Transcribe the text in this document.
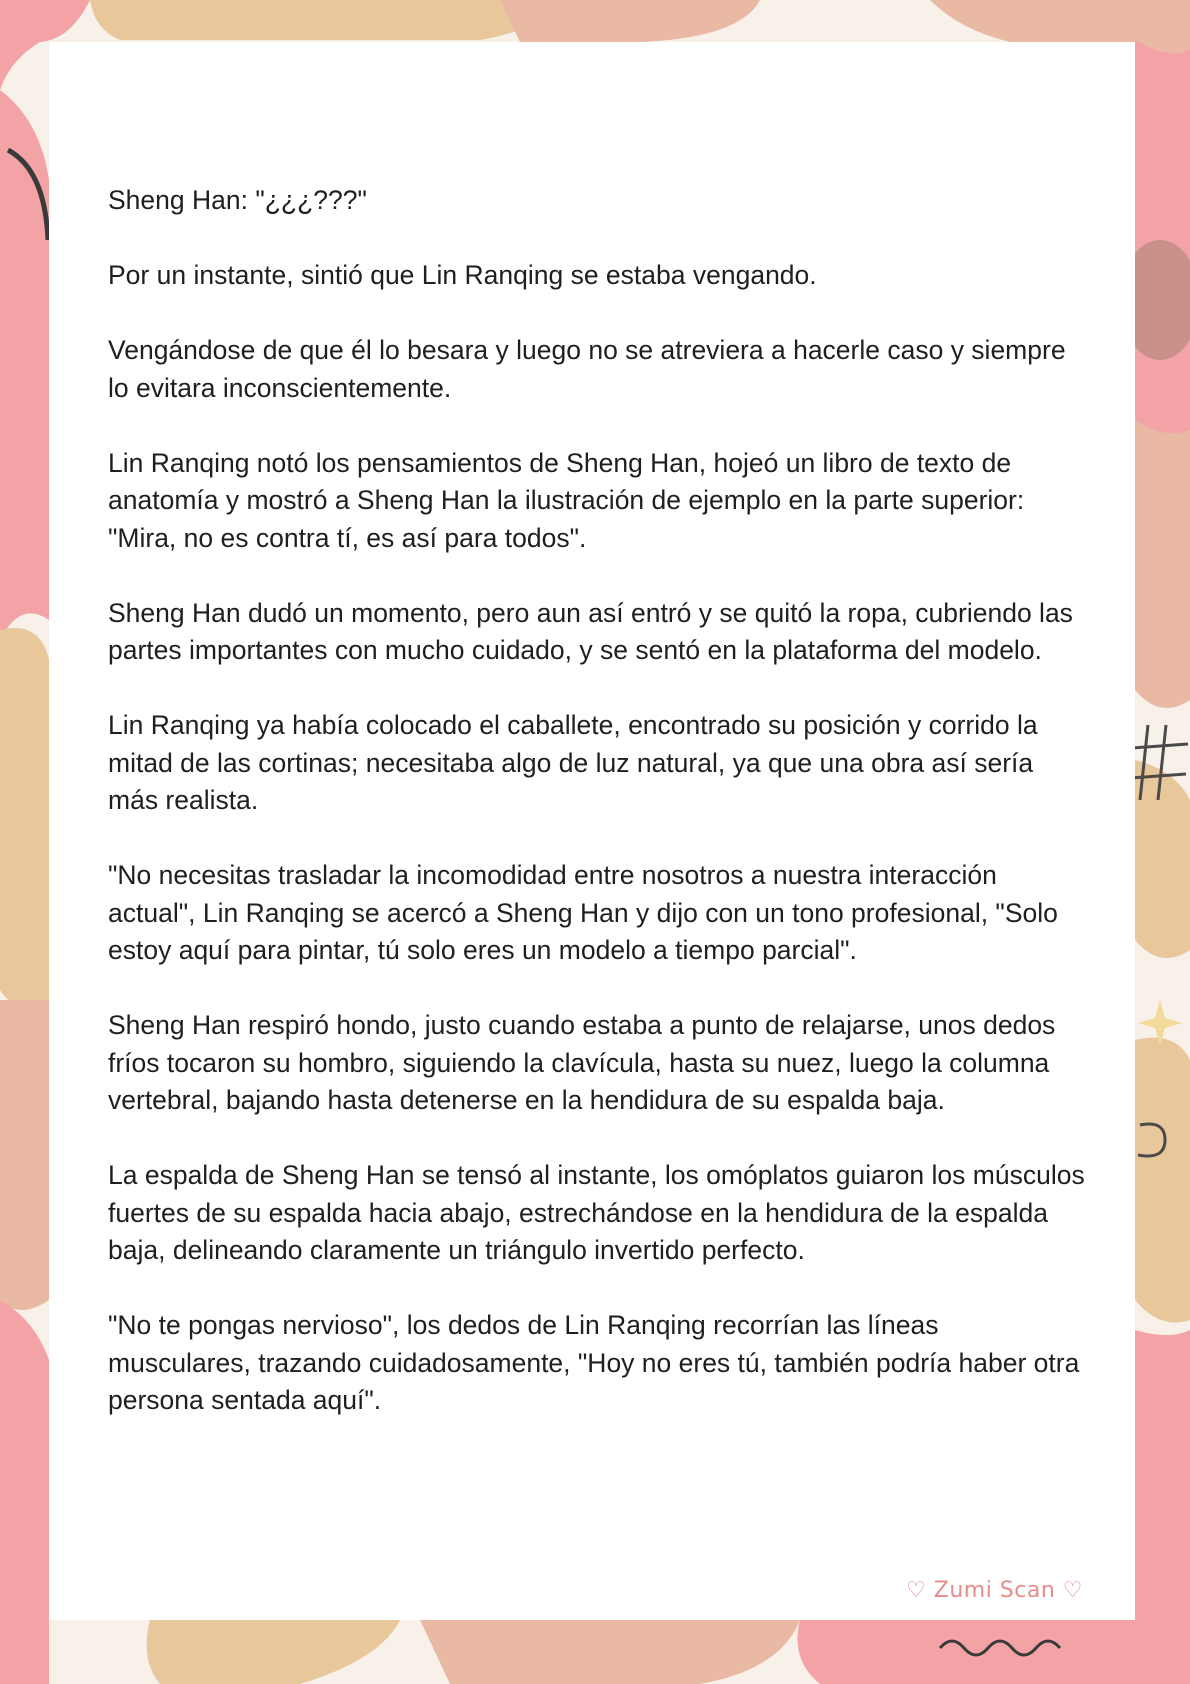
Sheng Han: "¿¿¿???"

Por un instante, sintió que Lin Ranqing se estaba vengando.

Vengándose de que él lo besara y luego no se atreviera a hacerle caso y siempre lo evitara inconscientemente.

Lin Ranqing notó los pensamientos de Sheng Han, hojeó un libro de texto de anatomía y mostró a Sheng Han la ilustración de ejemplo en la parte superior: "Mira, no es contra tí, es así para todos".

Sheng Han dudó un momento, pero aun así entró y se quitó la ropa, cubriendo las partes importantes con mucho cuidado, y se sentó en la plataforma del modelo.

Lin Ranqing ya había colocado el caballete, encontrado su posición y corrido la mitad de las cortinas; necesitaba algo de luz natural, ya que una obra así sería más realista.

"No necesitas trasladar la incomodidad entre nosotros a nuestra interacción actual", Lin Ranqing se acercó a Sheng Han y dijo con un tono profesional, "Solo estoy aquí para pintar, tú solo eres un modelo a tiempo parcial".

Sheng Han respiró hondo, justo cuando estaba a punto de relajarse, unos dedos fríos tocaron su hombro, siguiendo la clavícula, hasta su nuez, luego la columna vertebral, bajando hasta detenerse en la hendidura de su espalda baja.

La espalda de Sheng Han se tensó al instante, los omóplatos guiaron los músculos fuertes de su espalda hacia abajo, estrechándose en la hendidura de la espalda baja, delineando claramente un triángulo invertido perfecto.

"No te pongas nervioso", los dedos de Lin Ranqing recorrían las líneas musculares, trazando cuidadosamente, "Hoy no eres tú, también podría haber otra persona sentada aquí".

♡ Zumi Scan ♡
